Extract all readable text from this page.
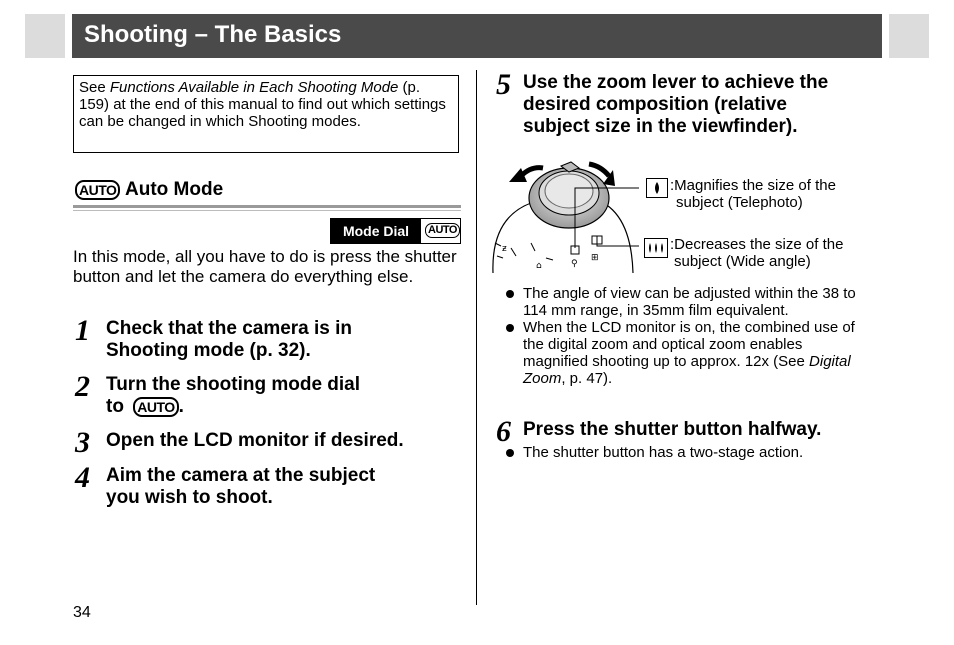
Shooting – The Basics
See Functions Available in Each Shooting Mode (p. 159) at the end of this manual to find out which settings can be changed in which Shooting modes.
AUTO Auto Mode
Mode Dial	AUTO
In this mode, all you have to do is press the shutter button and let the camera do everything else.
1 Check that the camera is in
Shooting mode (p. 32).
2 Turn the shooting mode dial
to AUTO .
3 Open the LCD monitor if desired.
4 Aim the camera at the subject
you wish to shoot.
5 Use the zoom lever to achieve the
desired composition (relative
subject size in the viewfinder).
ƶ
⌂	⚲
⊞
:Magnifies the size of the
subject (Telephoto)
:Decreases the size of the
subject (Wide angle)

The angle of view can be adjusted within the 38 to 114 mm range, in 35mm film equivalent.

When the LCD monitor is on, the combined use of the digital zoom and optical zoom enables magnified shooting up to approx. 12x (See Digital Zoom, p. 47).

6 Press the shutter button halfway.

The shutter button has a two-stage action.

34
